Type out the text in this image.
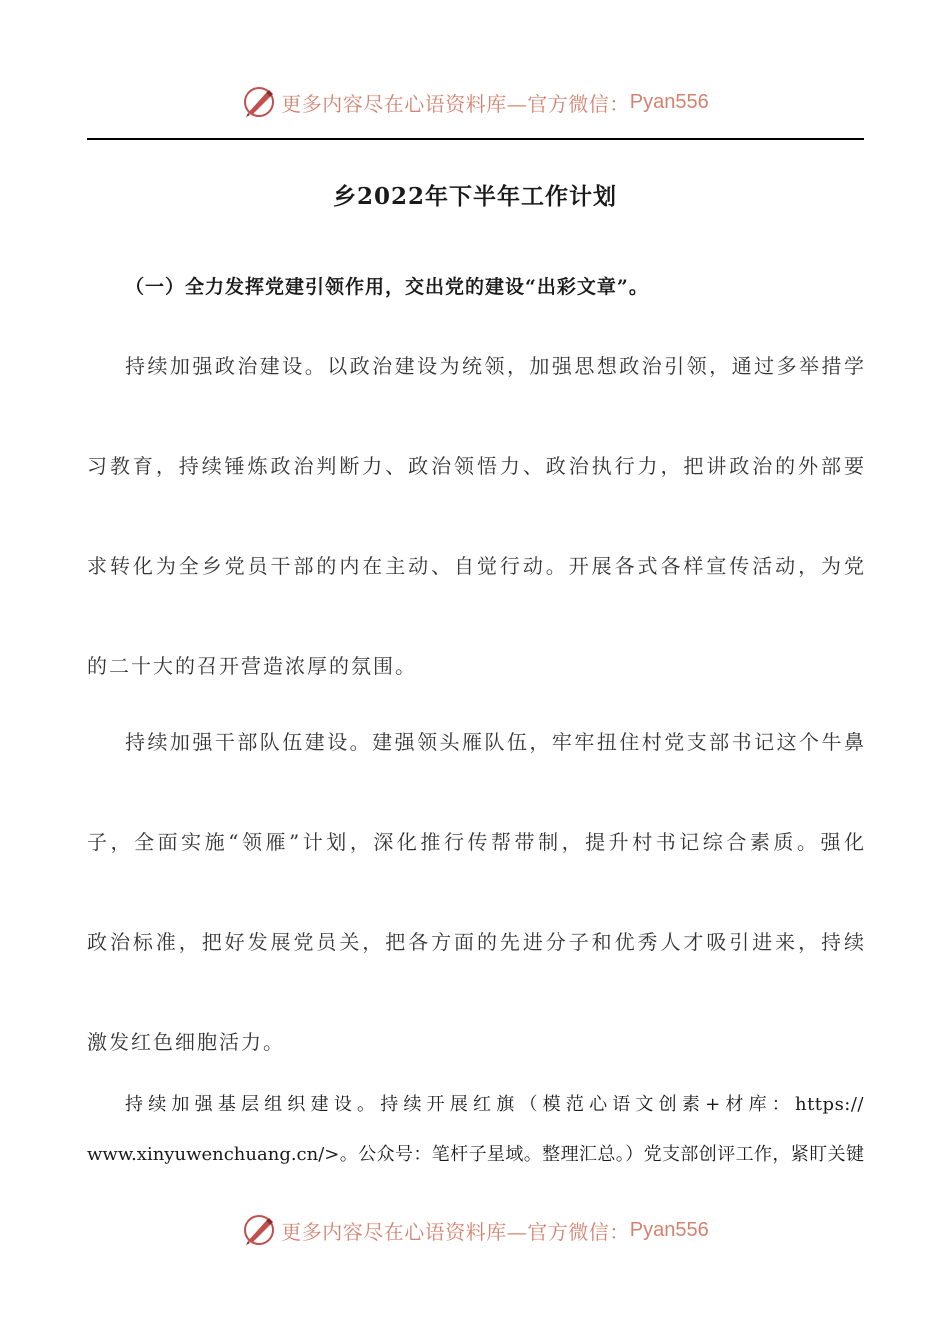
更多内容尽在心语资料库—官方微信： Pyan556
乡2022年下半年工作计划
（一）全力发挥党建引领作用，交出党的建设“出彩文章”。
持续加强政治建设。以政治建设为统领，加强思想政治引领，通过多举措学
习教育，持续锤炼政治判断力、政治领悟力、政治执行力，把讲政治的外部要
求转化为全乡党员干部的内在主动、自觉行动。开展各式各样宣传活动，为党
的二十大的召开营造浓厚的氛围。
持续加强干部队伍建设。建强领头雁队伍，牢牢扭住村党支部书记这个牛鼻
子，全面实施“领雁”计划，深化推行传帮带制，提升村书记综合素质。强化
政治标准，把好发展党员关，把各方面的先进分子和优秀人才吸引进来，持续
激发红色细胞活力。
持续加强基层组织建设。持续开展红旗（模范心语文创素+材库：https://
www.xinyuwenchuang.cn/>。公众号：笔杆子星域。整理汇总。）党支部创评工作，紧盯关键
更多内容尽在心语资料库—官方微信： Pyan556
